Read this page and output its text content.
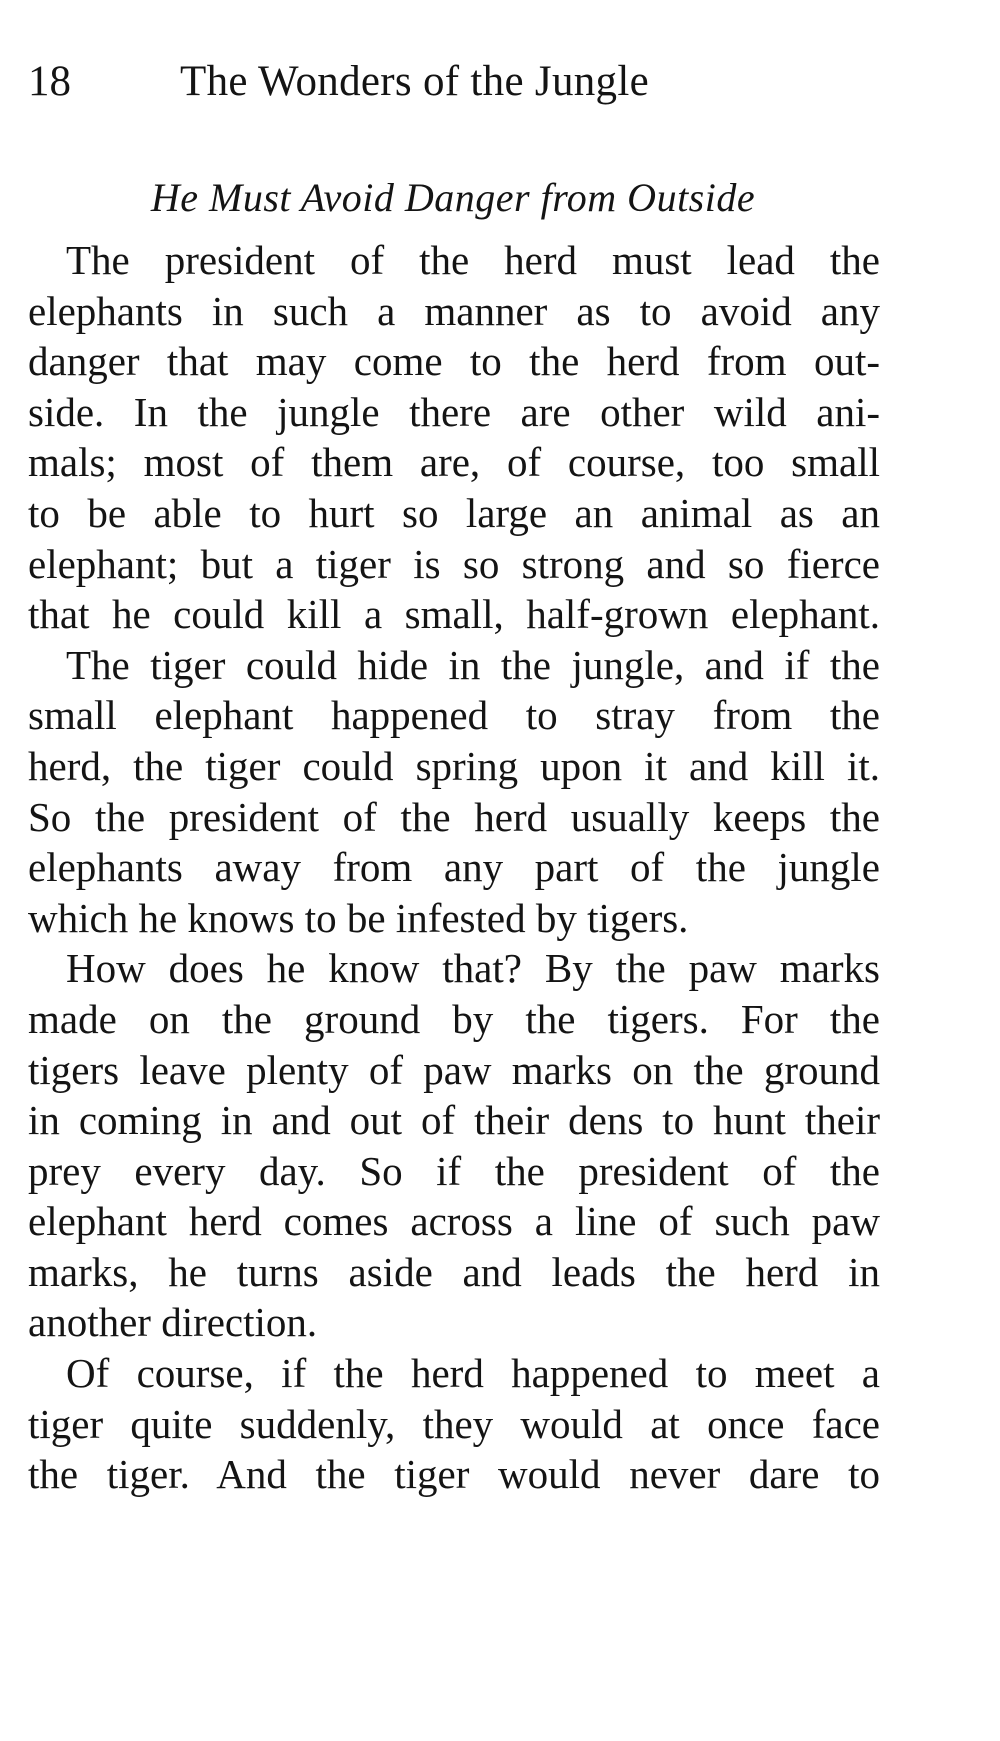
18	The Wonders of the Jungle
He Must Avoid Danger from Outside
The president of the herd must lead the
elephants in such a manner as to avoid any
danger that may come to the herd from out-
side. In the jungle there are other wild ani-
mals; most of them are, of course, too small
to be able to hurt so large an animal as an
elephant; but a tiger is so strong and so fierce
that he could kill a small, half-grown elephant.
The tiger could hide in the jungle, and if the
small elephant happened to stray from the
herd, the tiger could spring upon it and kill it.
So the president of the herd usually keeps the
elephants away from any part of the jungle
which he knows to be infested by tigers.
How does he know that? By the paw marks
made on the ground by the tigers. For the
tigers leave plenty of paw marks on the ground
in coming in and out of their dens to hunt their
prey every day. So if the president of the
elephant herd comes across a line of such paw
marks, he turns aside and leads the herd in
another direction.
Of course, if the herd happened to meet a
tiger quite suddenly, they would at once face
the tiger. And the tiger would never dare to
